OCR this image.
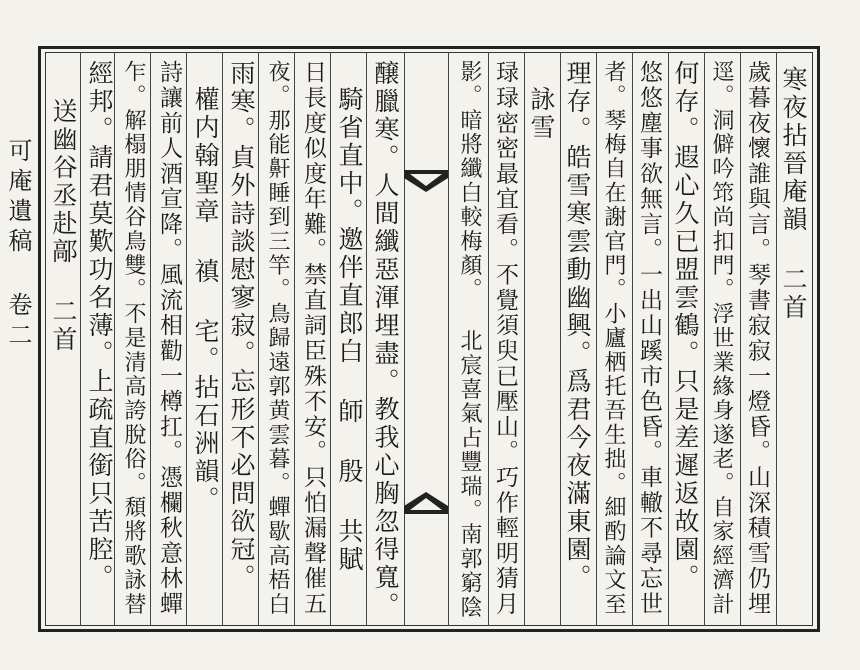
可庵遺稿 卷二	寒夜拈晉庵韻 二首
歲暮夜懷誰與言。琴書寂寂一燈昏。山深積雪仍埋
逕。洞僻吟筇尚扣門。浮世業緣身遂老。自家經濟計
何存。遐心久已盟雲鶴。只是差遲返故園。
悠悠塵事欲無言。一出山蹊市色昏。車轍不尋忘世
者。琴梅自在謝官門。小廬栖托吾生拙。細酌論文至
理存。皓雪寒雲動幽興。爲君今夜滿東園。
詠雪
琭琭密密最宜看。不覺須臾已壓山。巧作輕明猜月
影。暗將纖白較梅顏。 北宸喜氣占豐瑞。南郭窮陰
醸臘寒。人間纖惡渾埋盡。教我心胸忽得寬。
騎省直中。邀伴直郎白 師 殷 共賦
日長度似度年難。禁直詞臣殊不安。只怕漏聲催五
夜。那能鼾睡到三竿。鳥歸遠郭黄雲暮。蟬歇高梧白
雨寒。貞外詩談慰寥寂。忘形不必問欲冠。
權内翰聖章 禛 宅。拈石洲韻。
詩讓前人酒宣降。風流相勸一樽扛。憑欄秋意林蟬
乍。解榻朋情谷鳥雙。不是清高誇脫俗。頹將歌詠替
經邦。請君莫歎功名薄。上疏直銜只苦腔。
送幽谷丞赴鄗 二首
